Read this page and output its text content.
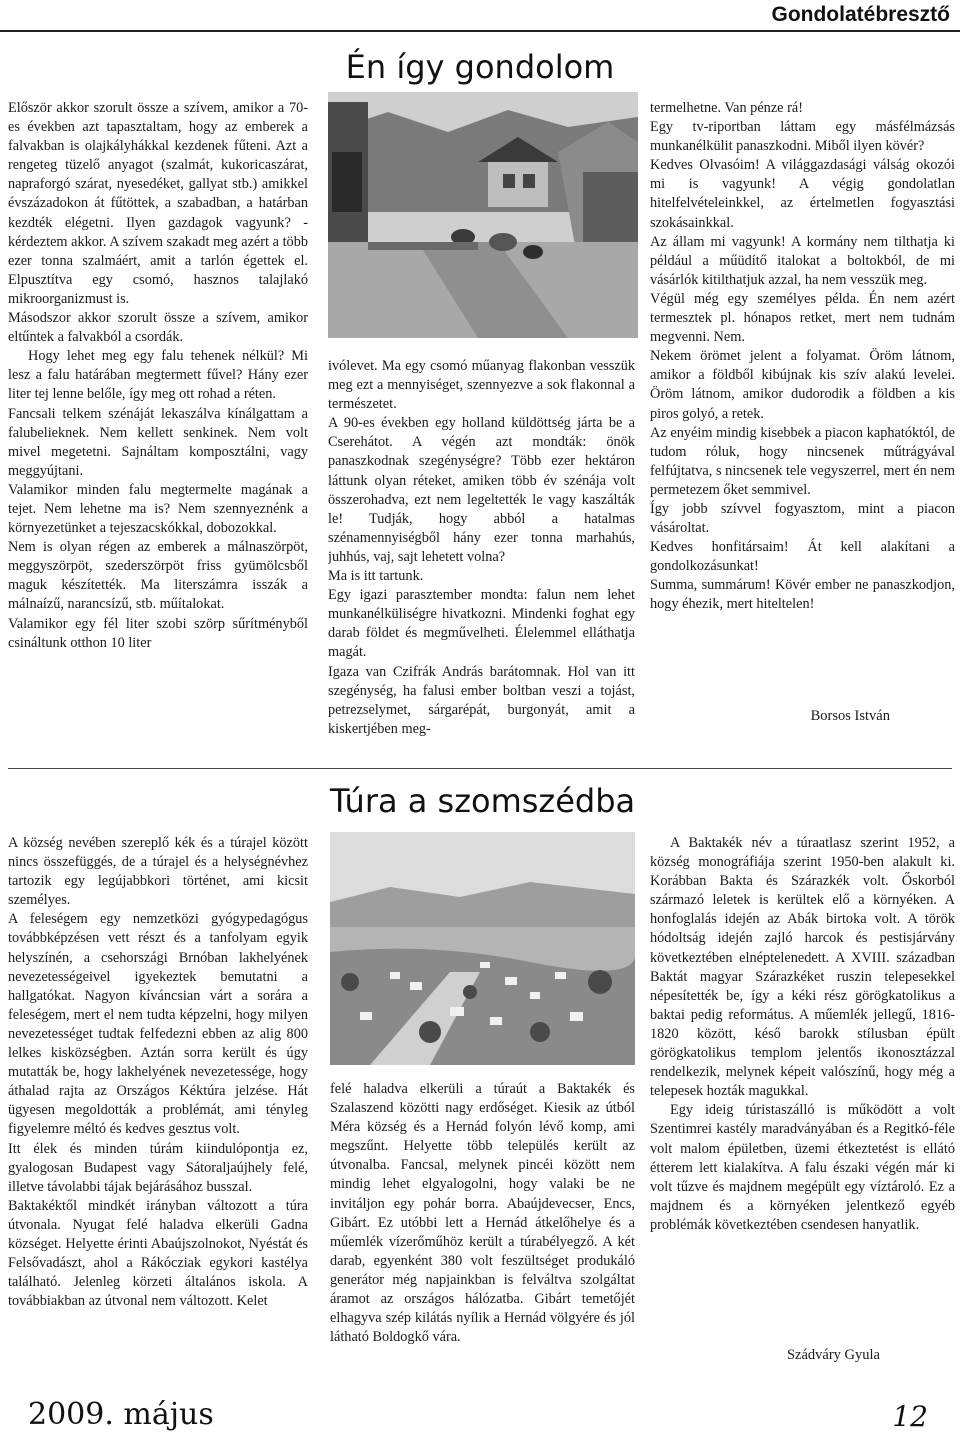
Gondolatébresztő
Én így gondolom

Először akkor szorult össze a szívem, amikor a 70-es években azt tapasztaltam, hogy az emberek a falvakban is olajkályhákkal kezdenek fűteni. Azt a rengeteg tüzelő anyagot (szalmát, kukoricaszárat, napraforgó szárat, nyesedéket, gallyat stb.) amikkel évszázadokon át fűtöttek, a szabadban, a határban kezdték elégetni. Ilyen gazdagok vagyunk? - kérdeztem akkor. A szívem szakadt meg azért a több ezer tonna szalmáért, amit a tarlón égettek el. Elpusztítva egy csomó, hasznos talajlakó mikroorganizmust is.

Másodszor akkor szorult össze a szívem, amikor eltűntek a falvakból a csordák.

Hogy lehet meg egy falu tehenek nélkül? Mi lesz a falu határában megtermett fűvel? Hány ezer liter tej lenne belőle, így meg ott rohad a réten.

Fancsali telkem szénáját lekaszálva kínálgattam a falubelieknek. Nem kellett senkinek. Nem volt mivel megetetni. Sajnáltam komposztálni, vagy meggyújtani.

Valamikor minden falu megtermelte magának a tejet. Nem lehetne ma is? Nem szennyeznénk a környezetünket a tejeszacskókkal, dobozokkal.

Nem is olyan régen az emberek a málnaszörpöt, meggyszörpöt, szederszörpöt friss gyümölcsből maguk készítették. Ma literszámra isszák a málnaízű, narancsízű, stb. műítalokat.

Valamikor egy fél liter szobi szörp sűrítményből csináltunk otthon 10 liter

ivólevet. Ma egy csomó műanyag flakonban vesszük meg ezt a mennyiséget, szennyezve a sok flakonnal a természetet.

A 90-es években egy holland küldöttség járta be a Cserehátot. A végén azt mondták: önök panaszkodnak szegénységre? Több ezer hektáron láttunk olyan réteket, amiken több év szénája volt összerohadva, ezt nem legeltették le vagy kaszálták le! Tudják, hogy abból a hatalmas szénamennyiségből hány ezer tonna marhahús, juhhús, vaj, sajt lehetett volna?

Ma is itt tartunk.

Egy igazi parasztember mondta: falun nem lehet munkanélküliségre hivatkozni. Mindenki foghat egy darab földet és megművelheti. Élelemmel elláthatja magát.

Igaza van Czifrák András barátomnak. Hol van itt szegénység, ha falusi ember boltban veszi a tojást, petrezselymet, sárgarépát, burgonyát, amit a kiskertjében meg-

termelhetne. Van pénze rá!

Egy tv-riportban láttam egy másfélmázsás munkanélkülit panaszkodni. Miből ilyen kövér?

Kedves Olvasóim! A világgazdasági válság okozói mi is vagyunk! A végig gondolatlan hitelfelvételeinkkel, az értelmetlen fogyasztási szokásainkkal.

Az állam mi vagyunk! A kormány nem tilthatja ki például a műüdítő italokat a boltokból, de mi vásárlók kitilthatjuk azzal, ha nem vesszük meg.

Végül még egy személyes példa. Én nem azért termesztek pl. hónapos retket, mert nem tudnám megvenni. Nem.

Nekem örömet jelent a folyamat. Öröm látnom, amikor a földből kibújnak kis szív alakú levelei. Öröm látnom, amikor dudorodik a földben a kis piros golyó, a retek.

Az enyéim mindig kisebbek a piacon kaphatóktól, de tudom róluk, hogy nincsenek műtrágyával felfújtatva, s nincsenek tele vegyszerrel, mert én nem permetezem őket semmivel.

Így jobb szívvel fogyasztom, mint a piacon vásároltat.

Kedves honfitársaim! Át kell alakítani a gondolkozásunkat!

Summa, summárum! Kövér ember ne panaszkodjon, hogy éhezik, mert hiteltelen!

Borsos István
Túra a szomszédba

A község nevében szereplő kék és a túrajel között nincs összefüggés, de a túrajel és a helységnévhez tartozik egy legújabbkori történet, ami kicsit személyes.

A feleségem egy nemzetközi gyógypedagógus továbbképzésen vett részt és a tanfolyam egyik helyszínén, a csehországi Brnóban lakhelyének nevezetességeivel igyekeztek bemutatni a hallgatókat. Nagyon kíváncsian várt a sorára a feleségem, mert el nem tudta képzelni, hogy milyen nevezetességet tudtak felfedezni ebben az alig 800 lelkes kisközségben. Aztán sorra került és úgy mutatták be, hogy lakhelyének nevezetessége, hogy áthalad rajta az Országos Kéktúra jelzése. Hát ügyesen megoldották a problémát, ami tényleg figyelemre méltó és kedves gesztus volt.

Itt élek és minden túrám kiindulópontja ez, gyalogosan Budapest vagy Sátoraljaújhely felé, illetve távolabbi tájak bejárásához busszal.

Baktakéktől mindkét irányban változott a túra útvonala. Nyugat felé haladva elkerüli Gadna községet. Helyette érinti Abaújszolnokot, Nyéstát és Felsővadászt, ahol a Rákócziak egykori kastélya található. Jelenleg körzeti általános iskola. A továbbiakban az útvonal nem változott. Kelet

felé haladva elkerüli a túraút a Baktakék és Szalaszend közötti nagy erdőséget. Kiesik az útból Méra község és a Hernád folyón lévő komp, ami megszűnt. Helyette több település került az útvonalba. Fancsal, melynek pincéi között nem mindig lehet elgyalogolni, hogy valaki be ne invitáljon egy pohár borra. Abaújdevecser, Encs, Gibárt. Ez utóbbi lett a Hernád átkelőhelye és a műemlék vízerőműhöz került a túrabélyegző. A két darab, egyenként 380 volt feszültséget produkáló generátor még napjainkban is felváltva szolgáltat áramot az országos hálózatba. Gibárt temetőjét elhagyva szép kilátás nyílik a Hernád völgyére és jól látható Boldogkő vára.

A Baktakék név a túraatlasz szerint 1952, a község monográfiája szerint 1950-ben alakult ki. Korábban Bakta és Szárazkék volt. Őskorból származó leletek is kerültek elő a környéken. A honfoglalás idején az Abák birtoka volt. A török hódoltság idején zajló harcok és pestisjárvány következtében elnéptelenedett. A XVIII. században Baktát magyar Szárazkéket ruszin telepesekkel népesítették be, így a kéki rész görögkatolikus a baktai pedig református. A műemlék jellegű, 1816-1820 között, késő barokk stílusban épült görögkatolikus templom jelentős ikonosztázzal rendelkezik, melynek képeit valószínű, hogy még a telepesek hozták magukkal.

Egy ideig túristaszálló is működött a volt Szentimrei kastély maradványában és a Regitkó-féle volt malom épületben, üzemi étkeztetést is ellátó étterem lett kialakítva. A falu északi végén már ki volt tűzve és majdnem megépült egy víztároló. Ez a majdnem és a környéken jelentkező egyéb problémák következtében csendesen hanyatlik.

Szádváry Gyula
2009. május	12
